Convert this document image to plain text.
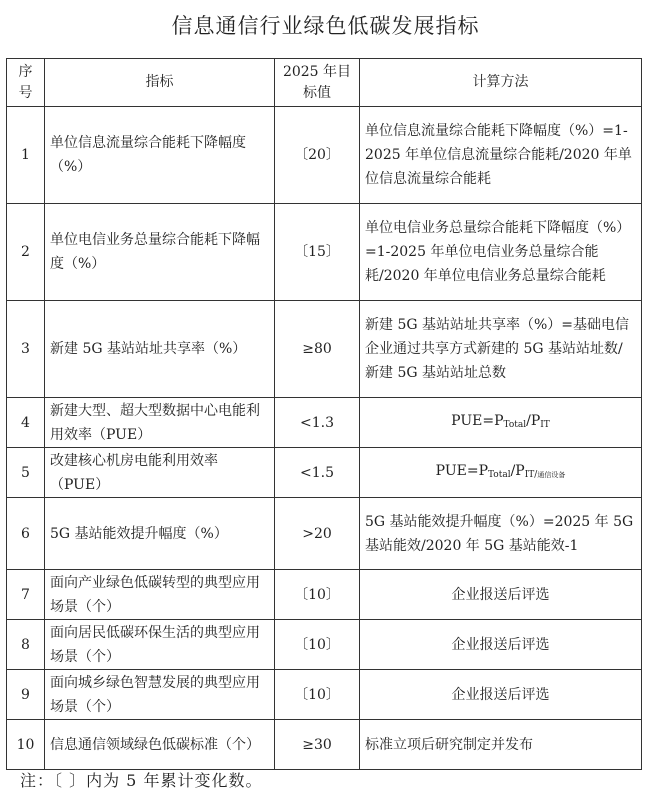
信息通信行业绿色低碳发展指标
序号	指标	2025 年目标值	计算方法
1	单位信息流量综合能耗下降幅度（%）	〔20〕	单位信息流量综合能耗下降幅度（%）=1-2025 年单位信息流量综合能耗/2020 年单位信息流量综合能耗
2	单位电信业务总量综合能耗下降幅度（%）	〔15〕	单位电信业务总量综合能耗下降幅度（%）=1-2025 年单位电信业务总量综合能耗/2020 年单位电信业务总量综合能耗
3	新建 5G 基站站址共享率（%）	≥80	新建 5G 基站站址共享率（%）=基础电信企业通过共享方式新建的 5G 基站站址数/新建 5G 基站站址总数
4	新建大型、超大型数据中心电能利用效率（PUE）	<1.3	$PUE=P_{Total}/P_{IT}$
5	改建核心机房电能利用效率（PUE）	<1.5	$PUE=P_{Total}/P_{IT/通信设备}$
6	5G 基站能效提升幅度（%）	>20	5G 基站能效提升幅度（%）=2025 年 5G 基站能效/2020 年 5G 基站能效-1
7	面向产业绿色低碳转型的典型应用场景（个）	〔10〕	企业报送后评选
8	面向居民低碳环保生活的典型应用场景（个）	〔10〕	企业报送后评选
9	面向城乡绿色智慧发展的典型应用场景（个）	〔10〕	企业报送后评选
10	信息通信领域绿色低碳标准（个）	≥30	标准立项后研究制定并发布
注：〔 〕内为 5 年累计变化数。
